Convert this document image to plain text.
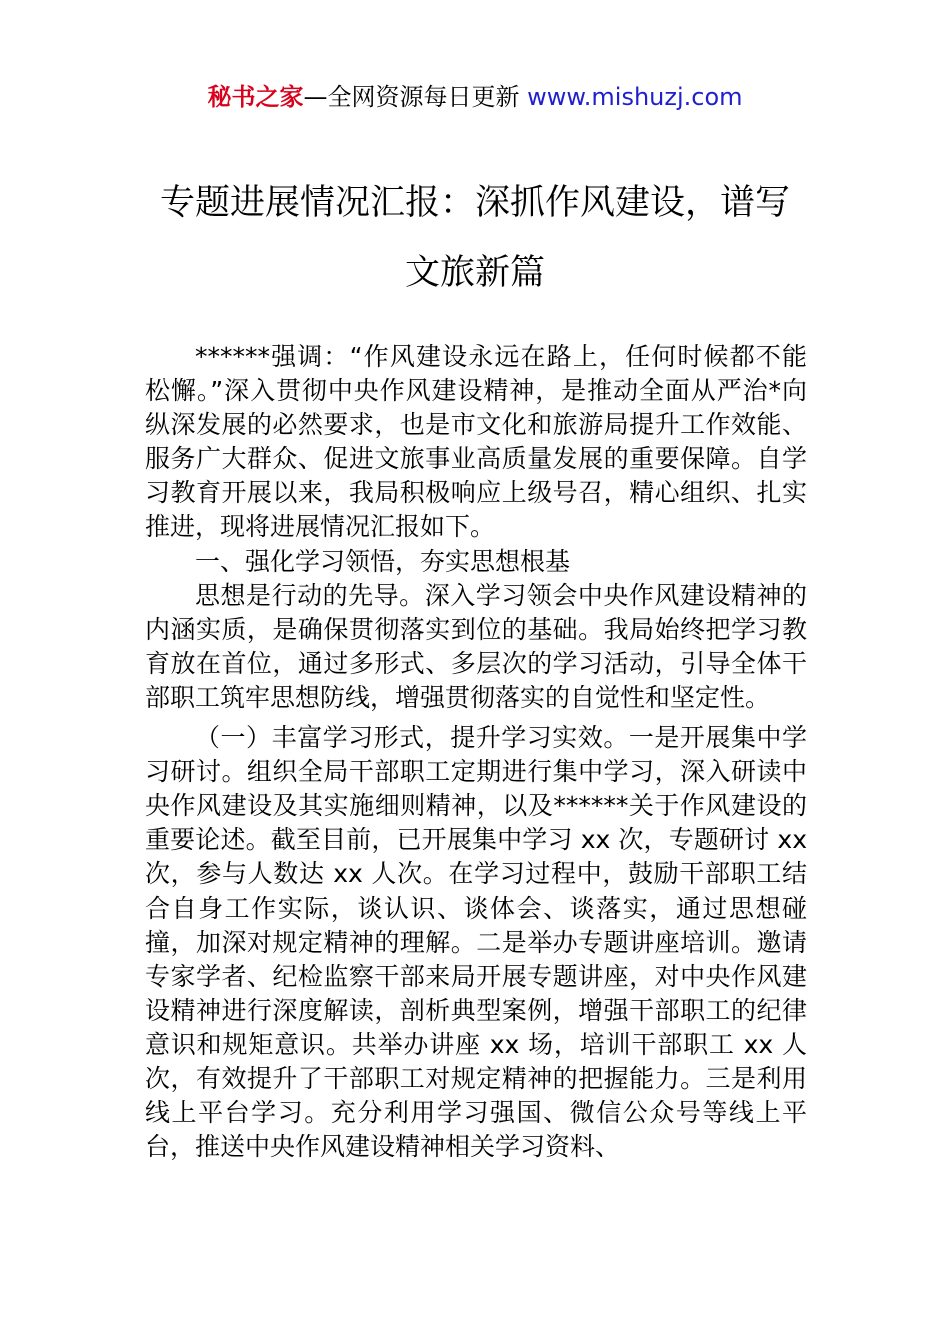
秘书之家—全网资源每日更新 www.mishuzj.com
专题进展情况汇报：深抓作风建设，谱写
文旅新篇

******强调：“作风建设永远在路上，任何时候都不能松懈。”深入贯彻中央作风建设精神，是推动全面从严治*向纵深发展的必然要求，也是市文化和旅游局提升工作效能、服务广大群众、促进文旅事业高质量发展的重要保障。自学习教育开展以来，我局积极响应上级号召，精心组织、扎实推进，现将进展情况汇报如下。

一、强化学习领悟，夯实思想根基

思想是行动的先导。深入学习领会中央作风建设精神的内涵实质，是确保贯彻落实到位的基础。我局始终把学习教育放在首位，通过多形式、多层次的学习活动，引导全体干部职工筑牢思想防线，增强贯彻落实的自觉性和坚定性。

（一）丰富学习形式，提升学习实效。一是开展集中学习研讨。组织全局干部职工定期进行集中学习，深入研读中央作风建设及其实施细则精神，以及******关于作风建设的重要论述。截至目前，已开展集中学习 xx 次，专题研讨 xx 次，参与人数达 xx 人次。在学习过程中，鼓励干部职工结合自身工作实际，谈认识、谈体会、谈落实，通过思想碰撞，加深对规定精神的理解。二是举办专题讲座培训。邀请专家学者、纪检监察干部来局开展专题讲座，对中央作风建设精神进行深度解读，剖析典型案例，增强干部职工的纪律意识和规矩意识。共举办讲座 xx 场，培训干部职工 xx 人次，有效提升了干部职工对规定精神的把握能力。三是利用线上平台学习。充分利用学习强国、微信公众号等线上平台，推送中央作风建设精神相关学习资料、
